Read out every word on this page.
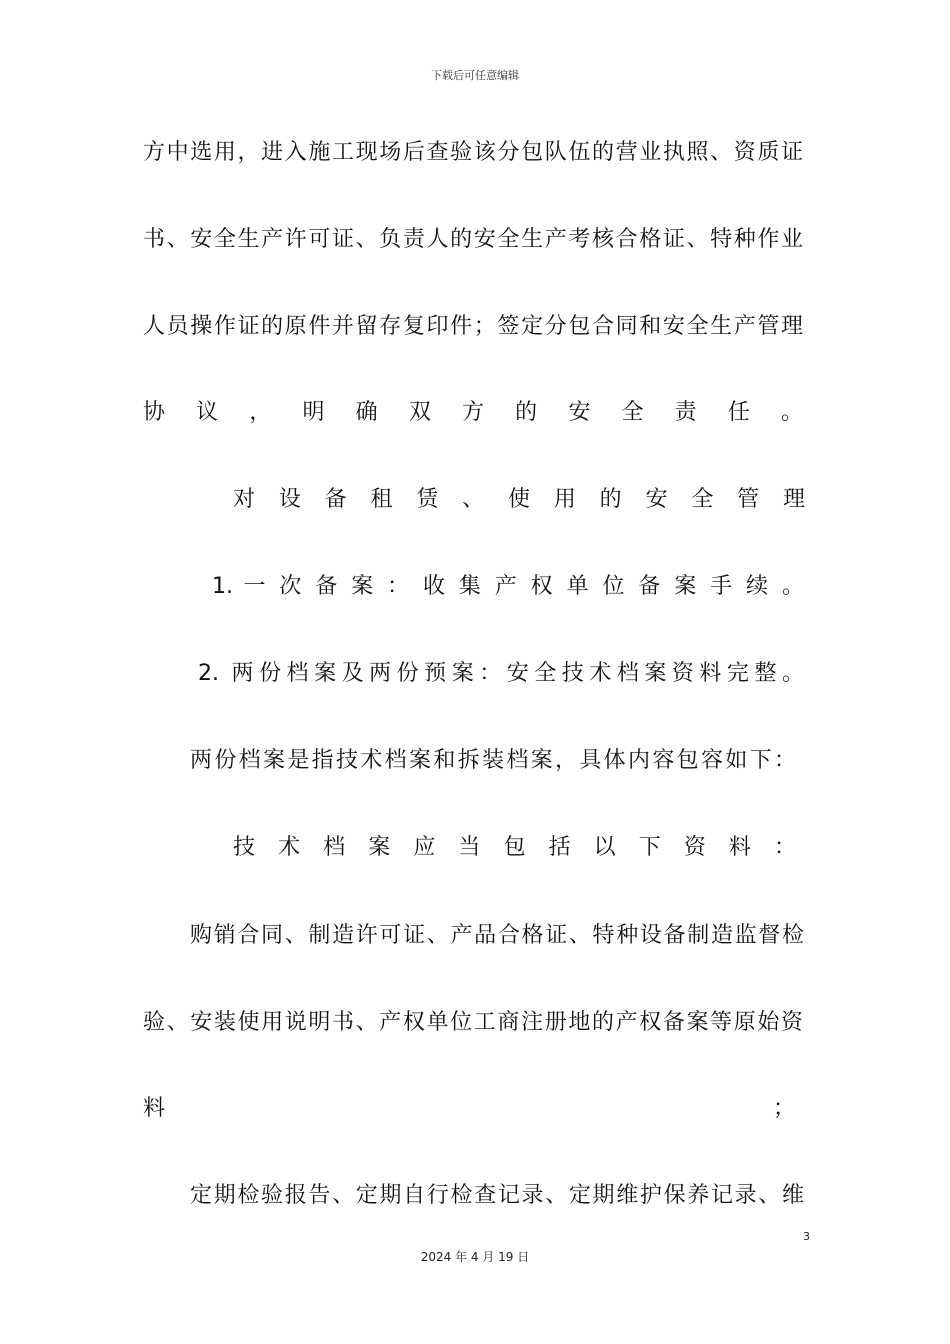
下载后可任意编辑
方中选用，进入施工现场后查验该分包队伍的营业执照、资质证
书、安全生产许可证、负责人的安全生产考核合格证、特种作业
人员操作证的原件并留存复印件；签定分包合同和安全生产管理
协 议 ， 明 确 双 方 的 安 全 责 任 。
对 设 备 租 赁 、 使 用 的 安 全 管 理
1. 一 次 备 案 ： 收 集 产 权 单 位 备 案 手 续 。
2. 两份档案及两份预案：安全技术档案资料完整。
两份档案是指技术档案和拆装档案，具体内容包容如下：
技 术 档 案 应 当 包 括 以 下 资 料 ：
购销合同、制造许可证、产品合格证、特种设备制造监督检
验、安装使用说明书、产权单位工商注册地的产权备案等原始资
料	；
定期检验报告、定期自行检查记录、定期维护保养记录、维
3
2024 年 4 月 19 日
